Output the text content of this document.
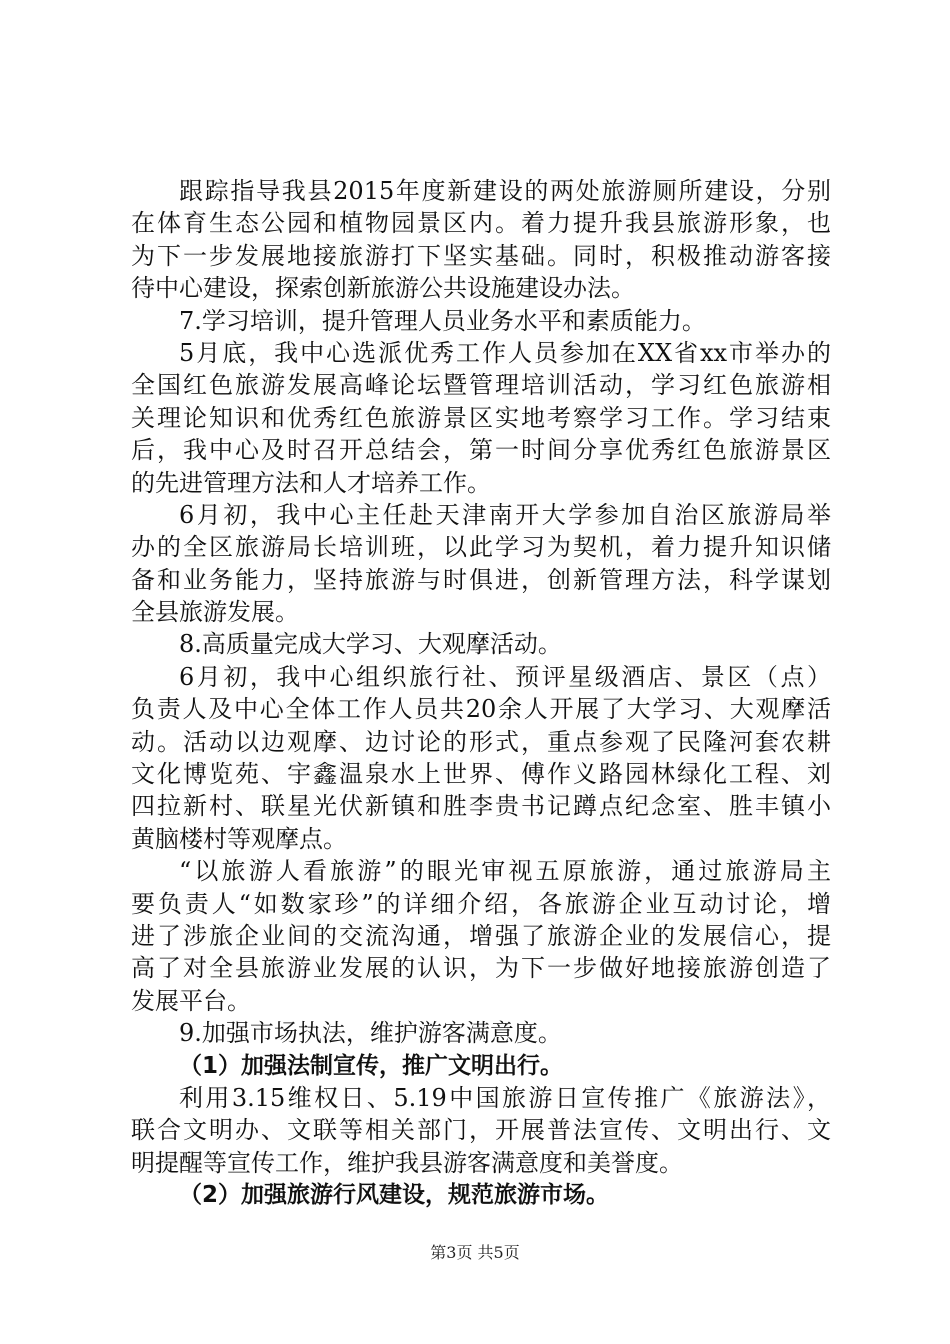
跟踪指导我县2015年度新建设的两处旅游厕所建设，分别
在体育生态公园和植物园景区内。着力提升我县旅游形象，也
为下一步发展地接旅游打下坚实基础。同时，积极推动游客接
待中心建设，探索创新旅游公共设施建设办法。
7.学习培训，提升管理人员业务水平和素质能力。
5月底，我中心选派优秀工作人员参加在XX省xx市举办的
全国红色旅游发展高峰论坛暨管理培训活动，学习红色旅游相
关理论知识和优秀红色旅游景区实地考察学习工作。学习结束
后，我中心及时召开总结会，第一时间分享优秀红色旅游景区
的先进管理方法和人才培养工作。
6月初，我中心主任赴天津南开大学参加自治区旅游局举
办的全区旅游局长培训班，以此学习为契机，着力提升知识储
备和业务能力，坚持旅游与时俱进，创新管理方法，科学谋划
全县旅游发展。
8.高质量完成大学习、大观摩活动。
6月初，我中心组织旅行社、预评星级酒店、景区（点）
负责人及中心全体工作人员共20余人开展了大学习、大观摩活
动。活动以边观摩、边讨论的形式，重点参观了民隆河套农耕
文化博览苑、宇鑫温泉水上世界、傅作义路园林绿化工程、刘
四拉新村、联星光伏新镇和胜李贵书记蹲点纪念室、胜丰镇小
黄脑楼村等观摩点。
“以旅游人看旅游”的眼光审视五原旅游，通过旅游局主
要负责人“如数家珍”的详细介绍，各旅游企业互动讨论，增
进了涉旅企业间的交流沟通，增强了旅游企业的发展信心，提
高了对全县旅游业发展的认识，为下一步做好地接旅游创造了
发展平台。
9.加强市场执法，维护游客满意度。
（1）加强法制宣传，推广文明出行。
利用3.15维权日、5.19中国旅游日宣传推广《旅游法》，
联合文明办、文联等相关部门，开展普法宣传、文明出行、文
明提醒等宣传工作，维护我县游客满意度和美誉度。
（2）加强旅游行风建设，规范旅游市场。
第3页 共5页
